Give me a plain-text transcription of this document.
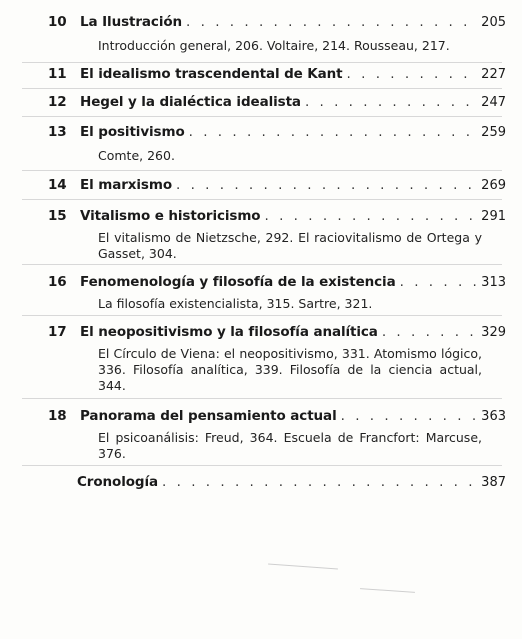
10 La Ilustración . . .	205
Introducción general, 206. Voltaire, 214. Rousseau, 217.
11 El idealismo trascendental de Kant . . .	227
12 Hegel y la dialéctica idealista . . .	247
13 El positivismo . . .	259
Comte, 260.
14 El marxismo . . .	269
15 Vitalismo e historicismo . . .	291
El vitalismo de Nietzsche, 292. El raciovitalismo de Ortega y Gasset, 304.
16 Fenomenología y filosofía de la existencia . . .	313
La filosofía existencialista, 315. Sartre, 321.
17 El neopositivismo y la filosofía analítica . . .	329
El Círculo de Viena: el neopositivismo, 331. Atomismo lógico, 336. Filosofía analítica, 339. Filosofía de la ciencia actual, 344.
18 Panorama del pensamiento actual . . .	363
El psicoanálisis: Freud, 364. Escuela de Francfort: Marcuse, 376.
Cronología . . .	387
